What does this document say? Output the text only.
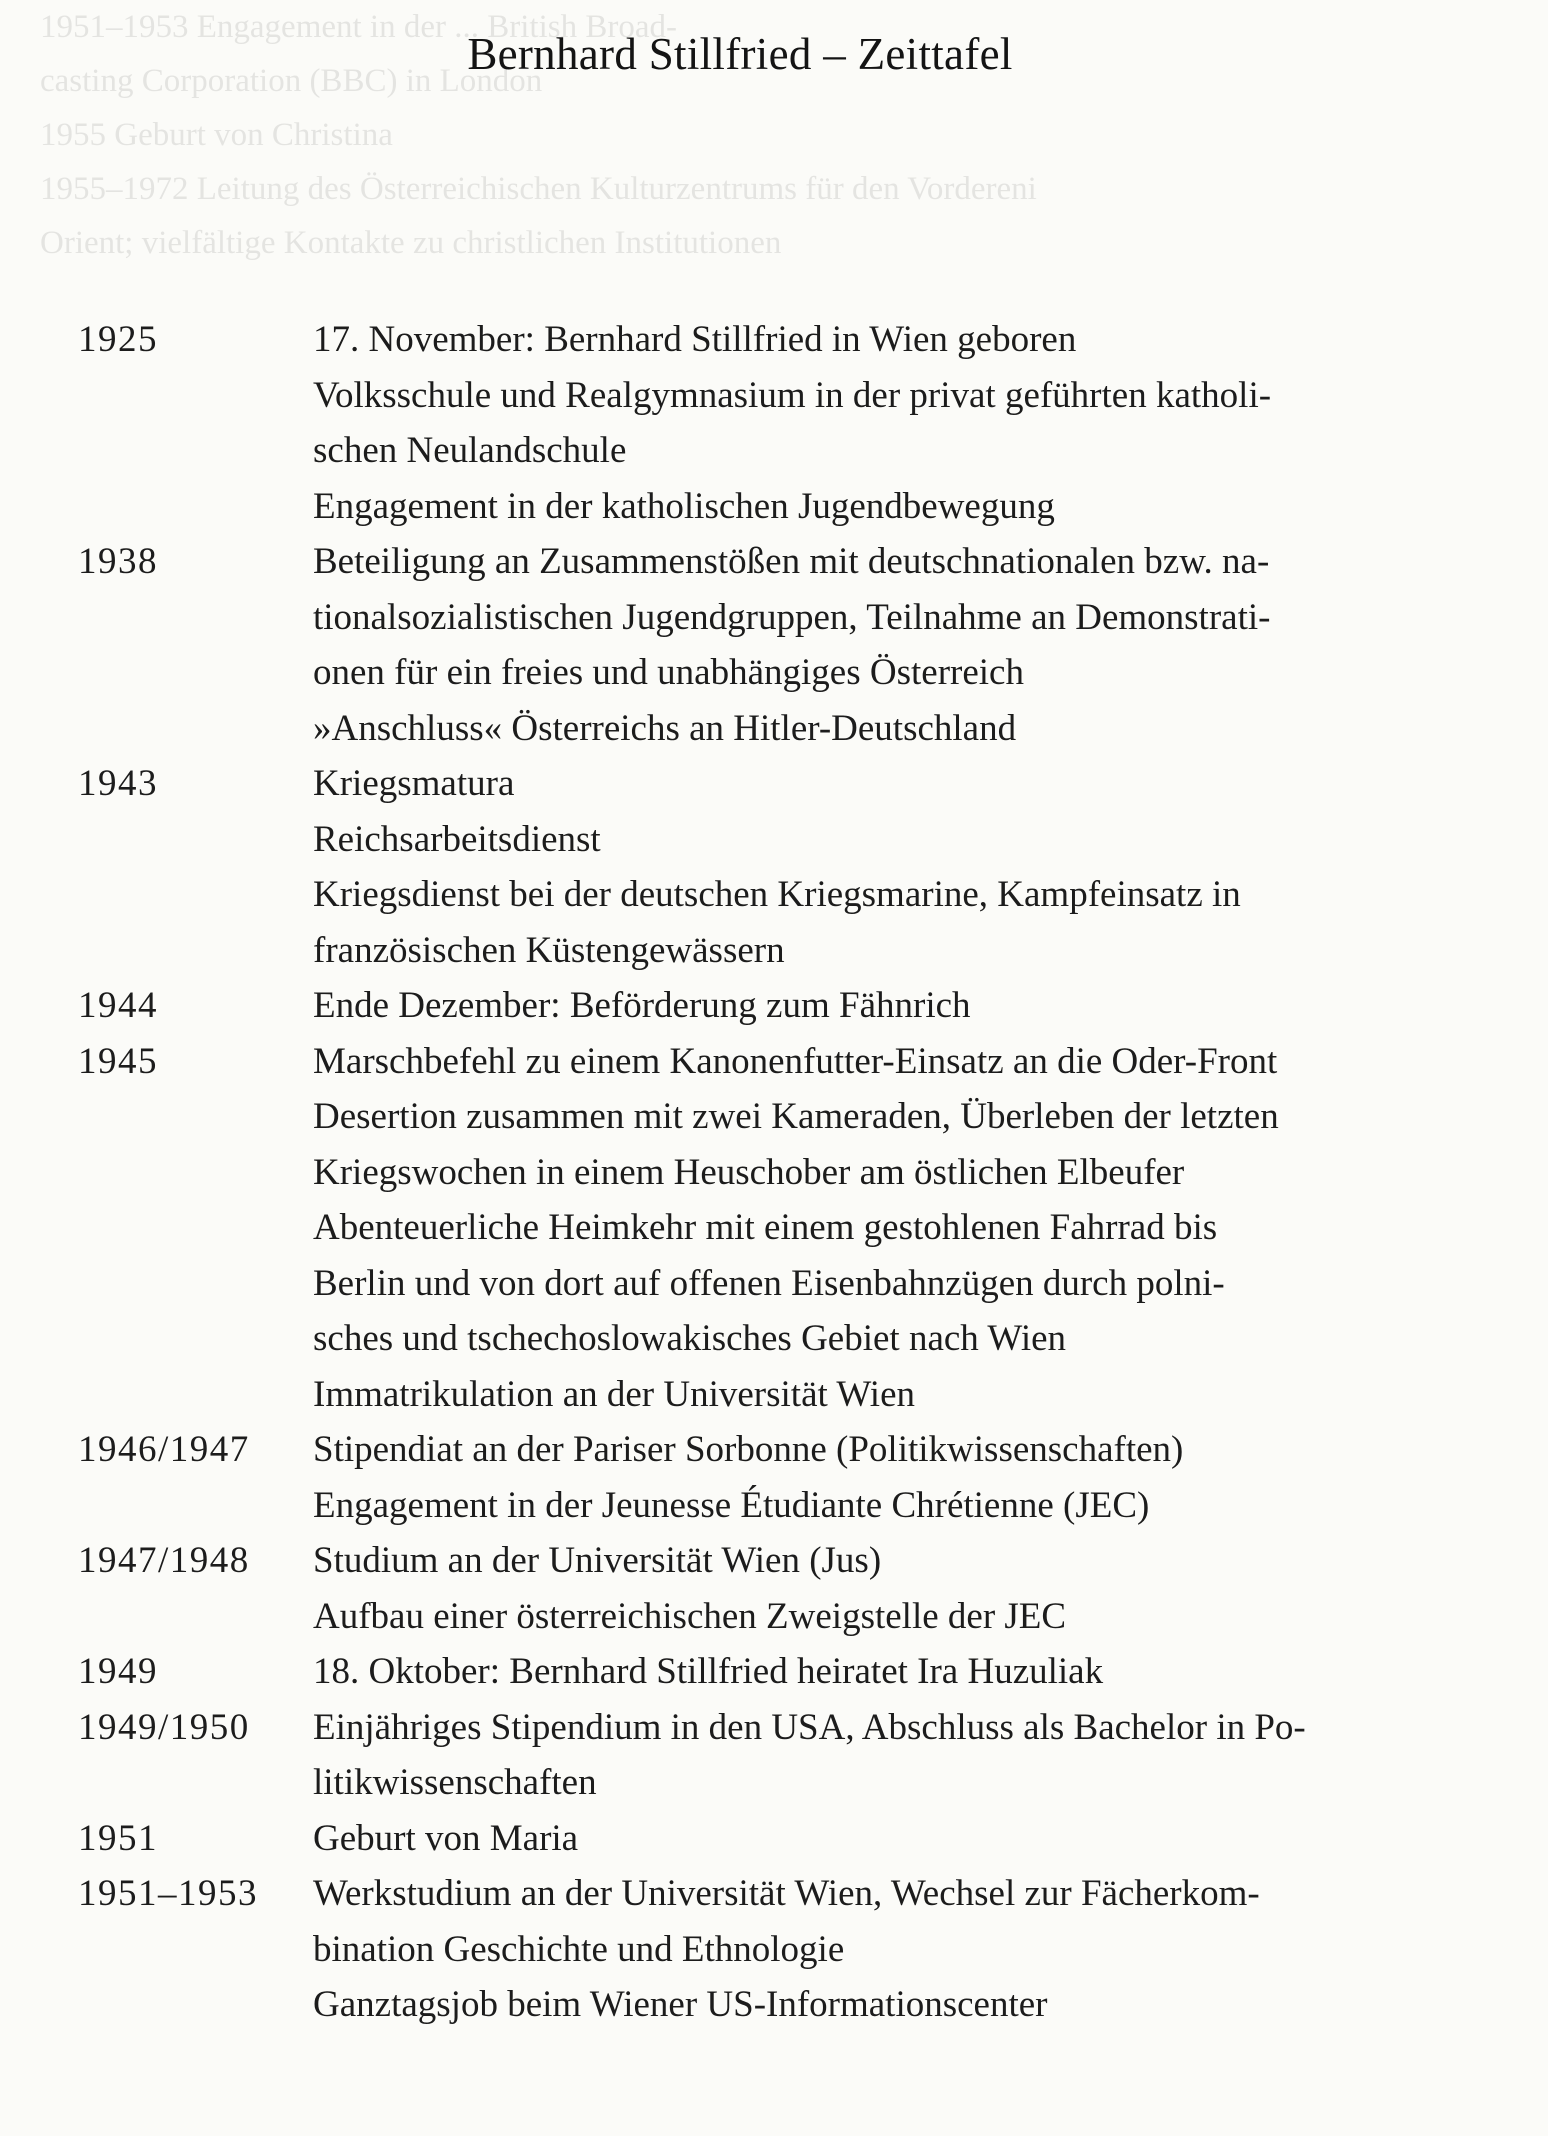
1951–1953 Engagement in der ... British Broad-
casting Corporation (BBC) in London
1955 Geburt von Christina
1955–1972 Leitung des Österreichischen Kulturzentrums für den Vordereni
Orient; vielfältige Kontakte zu christlichen Institutionen
Bernhard Stillfried – Zeittafel
1925	17. November: Bernhard Stillfried in Wien geboren
Volksschule und Realgymnasium in der privat geführten katholi-
schen Neulandschule
Engagement in der katholischen Jugendbewegung
1938	Beteiligung an Zusammenstößen mit deutschnationalen bzw. na-
tionalsozialistischen Jugendgruppen, Teilnahme an Demonstrati-
onen für ein freies und unabhängiges Österreich
»Anschluss« Österreichs an Hitler-Deutschland
1943	Kriegsmatura
Reichsarbeitsdienst
Kriegsdienst bei der deutschen Kriegsmarine, Kampfeinsatz in
französischen Küstengewässern
1944	Ende Dezember: Beförderung zum Fähnrich
1945	Marschbefehl zu einem Kanonenfutter-Einsatz an die Oder-Front
Desertion zusammen mit zwei Kameraden, Überleben der letzten
Kriegswochen in einem Heuschober am östlichen Elbeufer
Abenteuerliche Heimkehr mit einem gestohlenen Fahrrad bis
Berlin und von dort auf offenen Eisenbahnzügen durch polni-
sches und tschechoslowakisches Gebiet nach Wien
Immatrikulation an der Universität Wien
1946/1947	Stipendiat an der Pariser Sorbonne (Politikwissenschaften)
Engagement in der Jeunesse Étudiante Chrétienne (JEC)
1947/1948	Studium an der Universität Wien (Jus)
Aufbau einer österreichischen Zweigstelle der JEC
1949	18. Oktober: Bernhard Stillfried heiratet Ira Huzuliak
1949/1950	Einjähriges Stipendium in den USA, Abschluss als Bachelor in Po-
litikwissenschaften
1951	Geburt von Maria
1951–1953	Werkstudium an der Universität Wien, Wechsel zur Fächerkom-
bination Geschichte und Ethnologie
Ganztagsjob beim Wiener US-Informationscenter
